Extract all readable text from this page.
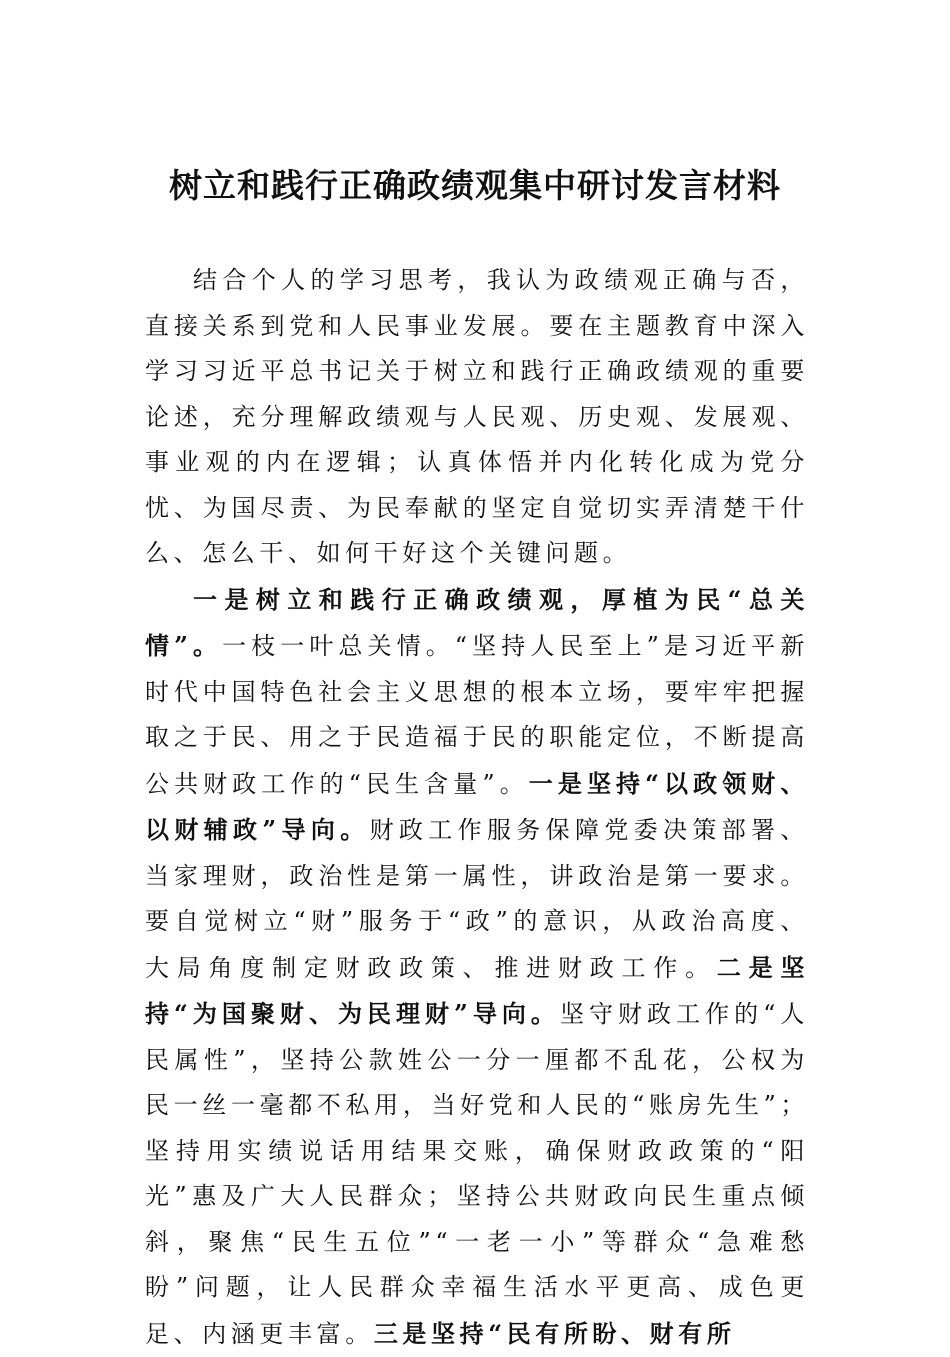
树立和践行正确政绩观集中研讨发言材料

结合个人的学习思考，我认为政绩观正确与否，直接关系到党和人民事业发展。要在主题教育中深入学习习近平总书记关于树立和践行正确政绩观的重要论述，充分理解政绩观与人民观、历史观、发展观、事业观的内在逻辑；认真体悟并内化转化成为党分忧、为国尽责、为民奉献的坚定自觉切实弄清楚干什么、怎么干、如何干好这个关键问题。

一是树立和践行正确政绩观，厚植为民“总关情”。一枝一叶总关情。“坚持人民至上”是习近平新时代中国特色社会主义思想的根本立场，要牢牢把握取之于民、用之于民造福于民的职能定位，不断提高公共财政工作的“民生含量”。一是坚持“以政领财、以财辅政”导向。财政工作服务保障党委决策部署、当家理财，政治性是第一属性，讲政治是第一要求。要自觉树立“财”服务于“政”的意识，从政治高度、大局角度制定财政政策、推进财政工作。二是坚持“为国聚财、为民理财”导向。坚守财政工作的“人民属性”，坚持公款姓公一分一厘都不乱花，公权为民一丝一毫都不私用，当好党和人民的“账房先生”；坚持用实绩说话用结果交账，确保财政政策的“阳光”惠及广大人民群众；坚持公共财政向民生重点倾斜，聚焦“民生五位”“一老一小”等群众“急难愁盼”问题，让人民群众幸福生活水平更高、成色更足、内涵更丰富。三是坚持“民有所盼、财有所
